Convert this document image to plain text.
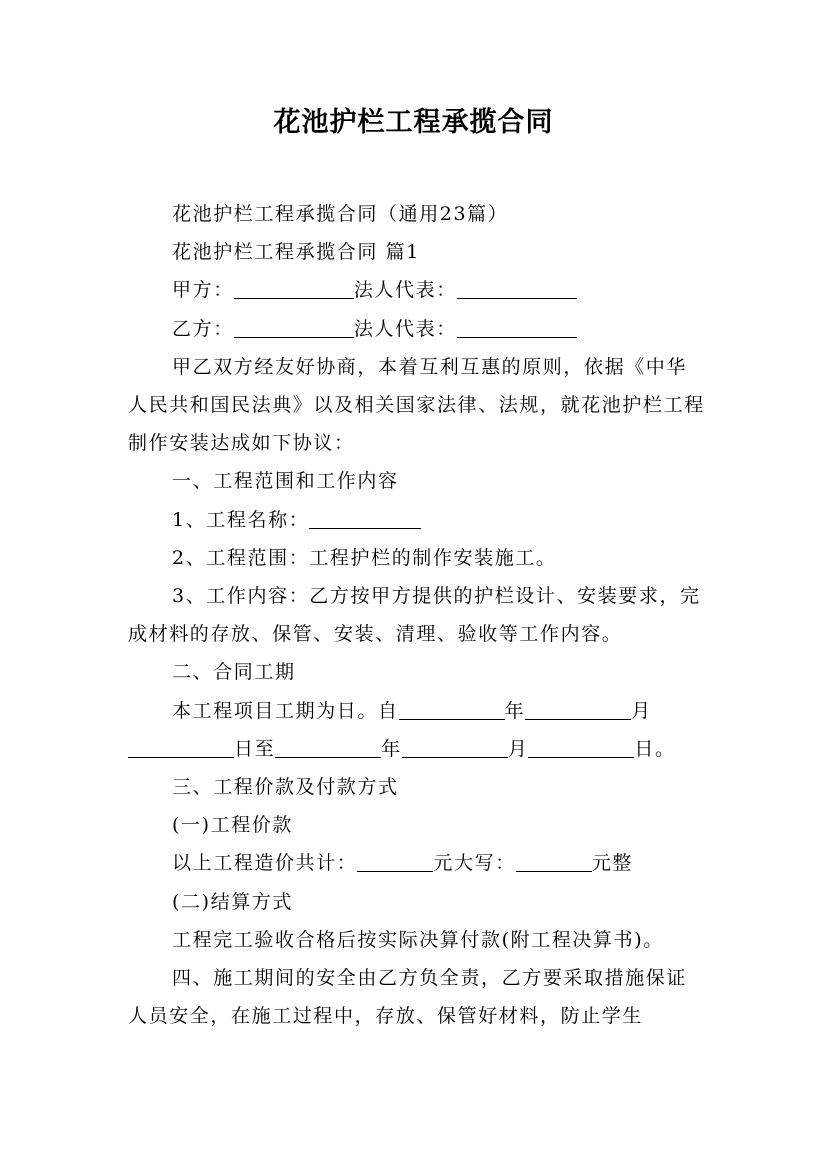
花池护栏工程承揽合同

花池护栏工程承揽合同（通用23篇）

花池护栏工程承揽合同 篇1

甲方：	法人代表：

乙方：	法人代表：

甲乙双方经友好协商，本着互利互惠的原则，依据《中华人民共和国民法典》以及相关国家法律、法规，就花池护栏工程制作安装达成如下协议：

一、工程范围和工作内容

1、工程名称：

2、工程范围：工程护栏的制作安装施工。

3、工作内容：乙方按甲方提供的护栏设计、安装要求，完成材料的存放、保管、安装、清理、验收等工作内容。

二、合同工期

本工程项目工期为日。自	年	月

日至	年	月	日。

三、工程价款及付款方式

(一)工程价款

以上工程造价共计：	元大写：	元整

(二)结算方式

工程完工验收合格后按实际决算付款(附工程决算书)。

四、施工期间的安全由乙方负全责，乙方要采取措施保证人员安全，在施工过程中，存放、保管好材料，防止学生
